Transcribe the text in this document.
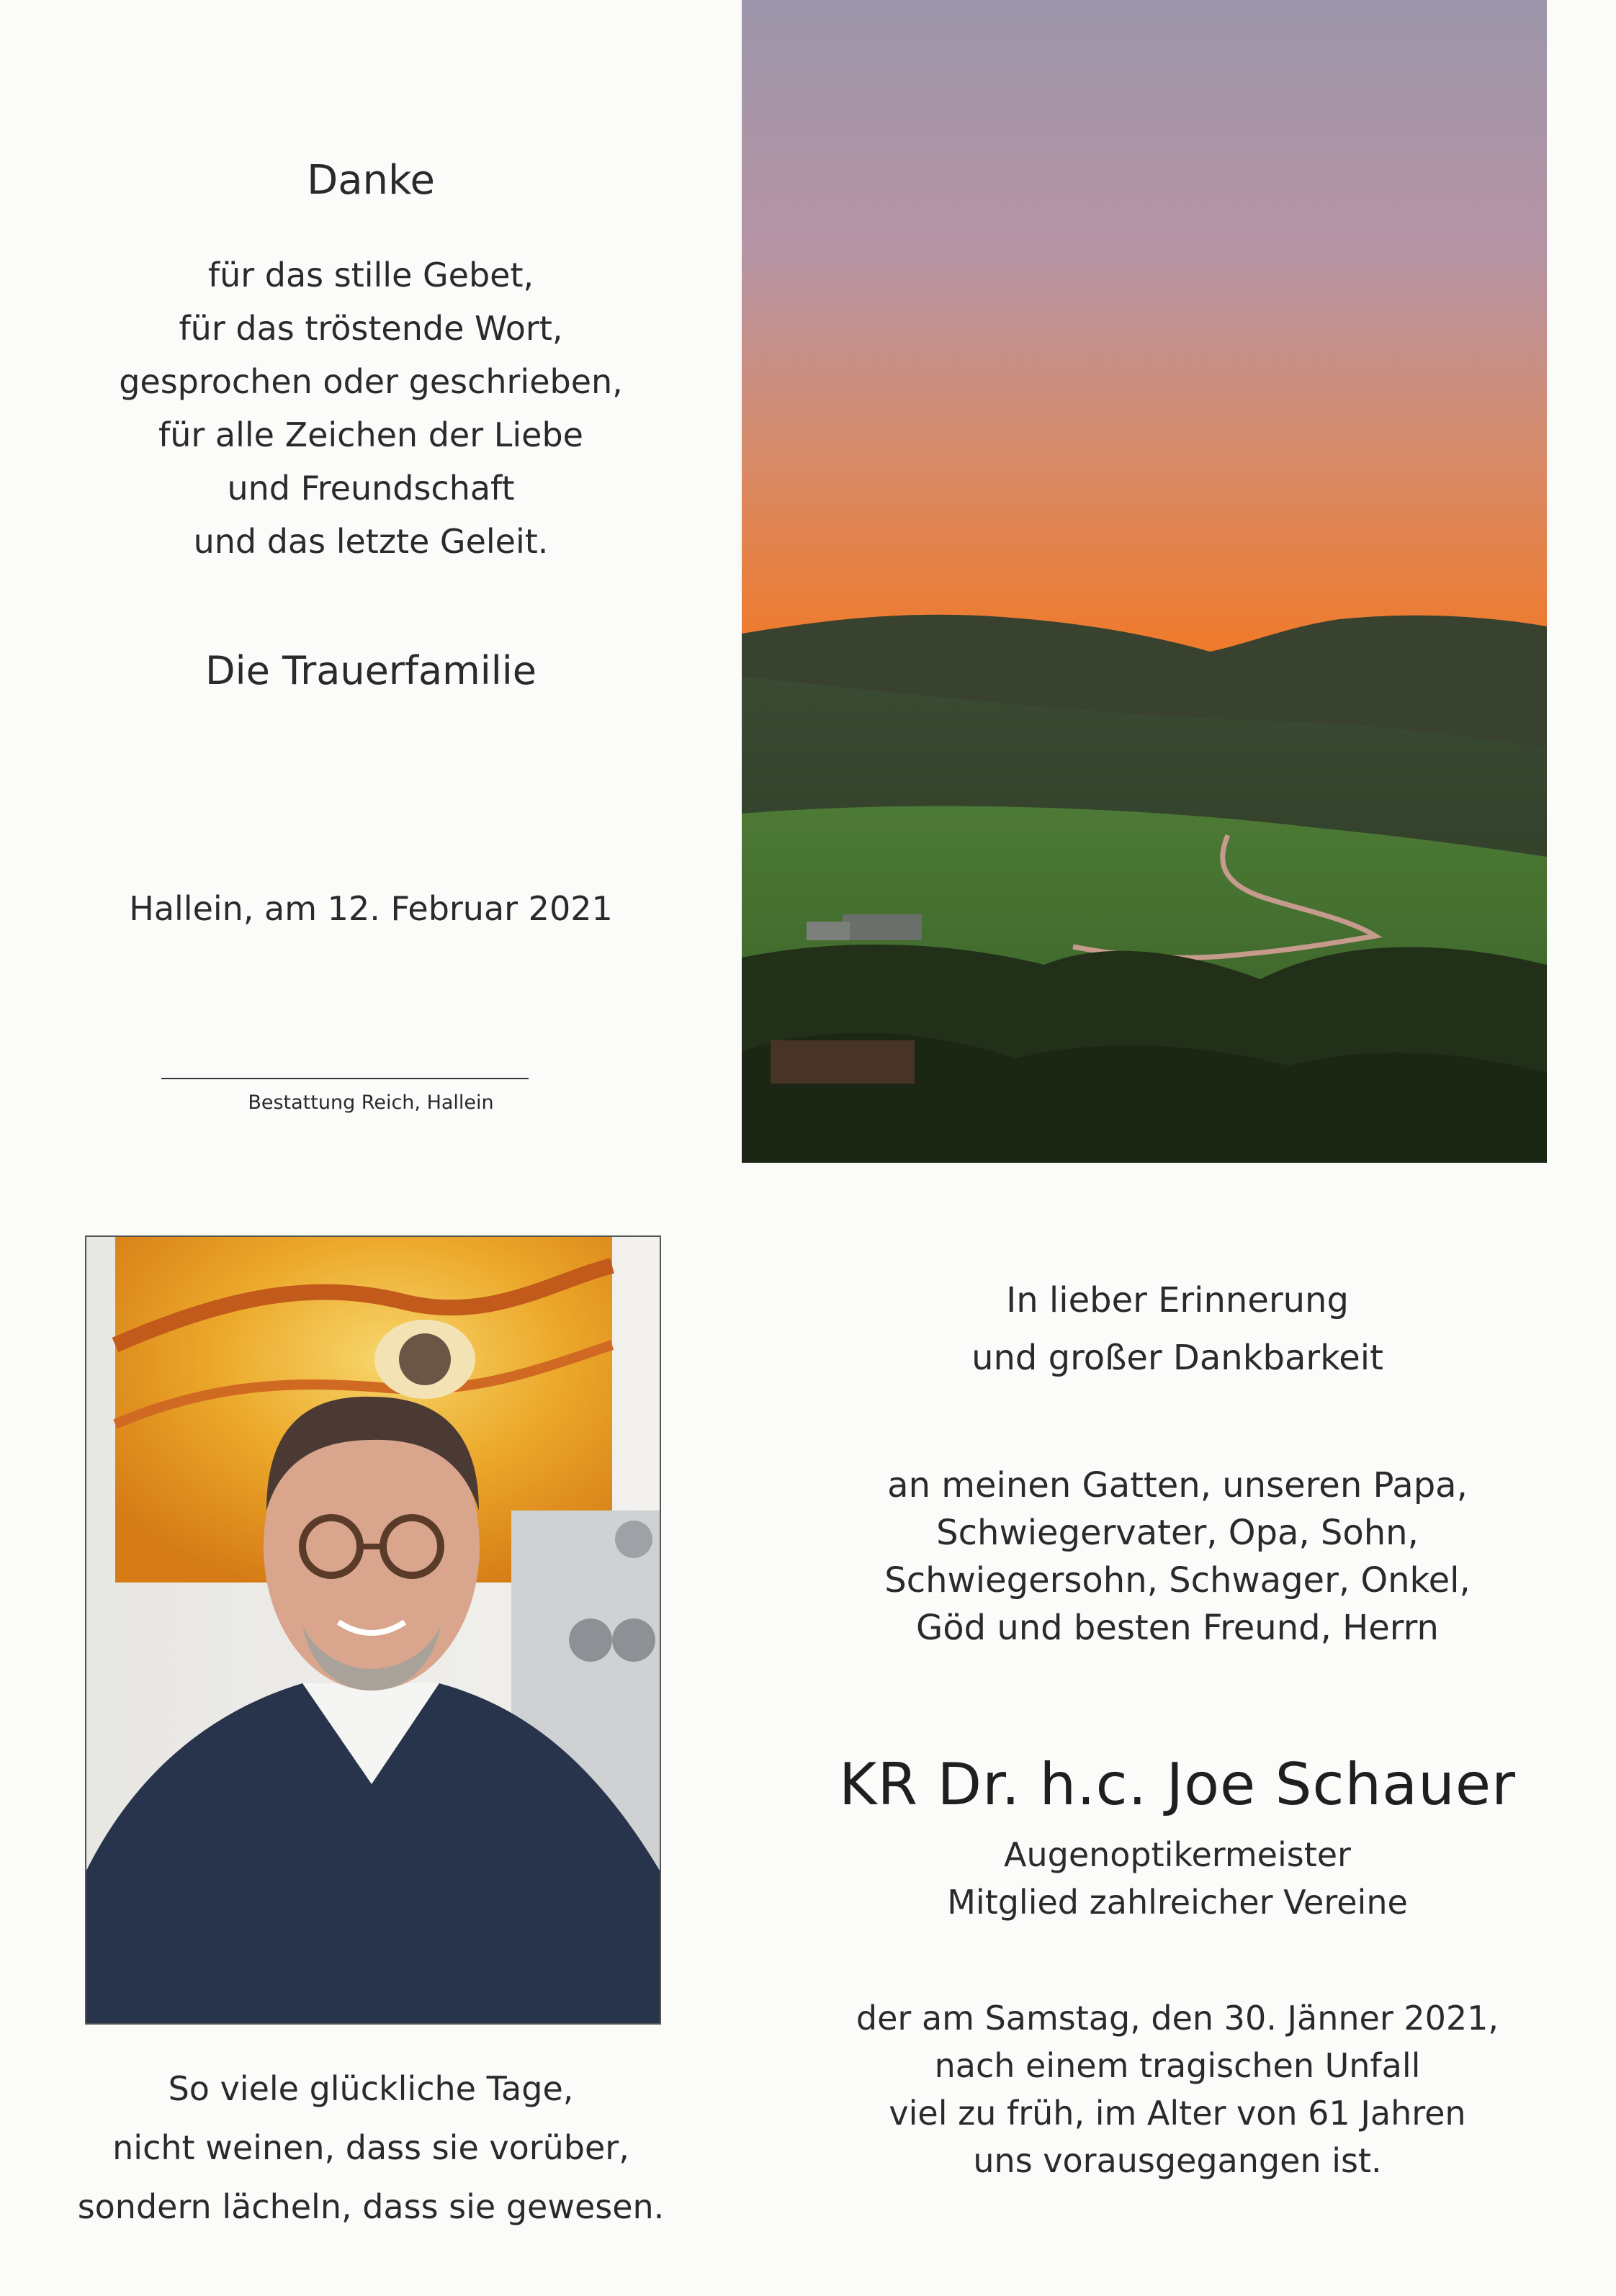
Danke
für das stille Gebet,
für das tröstende Wort,
gesprochen oder geschrieben,
für alle Zeichen der Liebe
und Freundschaft
und das letzte Geleit.
Die Trauerfamilie
Hallein, am 12. Februar 2021
Bestattung Reich, Hallein
In lieber Erinnerung
und großer Dankbarkeit
an meinen Gatten, unseren Papa,
Schwiegervater, Opa, Sohn,
Schwiegersohn, Schwager, Onkel,
Göd und besten Freund, Herrn
KR Dr. h.c. Joe Schauer
Augenoptikermeister
Mitglied zahlreicher Vereine
der am Samstag, den 30. Jänner 2021,
nach einem tragischen Unfall
viel zu früh, im Alter von 61 Jahren
uns vorausgegangen ist.
So viele glückliche Tage,
nicht weinen, dass sie vorüber,
sondern lächeln, dass sie gewesen.
